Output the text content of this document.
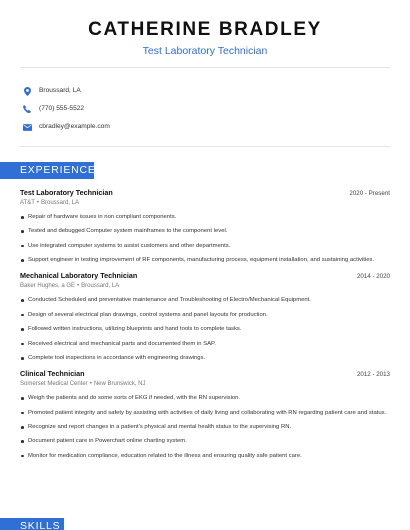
CATHERINE BRADLEY
Test Laboratory Technician
Broussard, LA
(770) 555-5522
cbradley@example.com
EXPERIENCE
Test Laboratory Technician	2020 - Present
AT&T • Broussard, LA
Repair of hardware issues in non compliant components.
Tested and debugged Computer system mainframes to the component level.
Use integrated computer systems to assist customers and other departments.
Support engineer in testing improvement of RF components, manufacturing process, equipment installation, and sustaining activities.
Mechanical Laboratory Technician	2014 - 2020
Baker Hughes, a GE • Broussard, LA
Conducted Scheduled and preventative maintenance and Troubleshooting of Electro/Mechanical Equipment.
Design of several electrical plan drawings, control systems and panel layouts for production.
Followed written instructions, utilizing blueprints and hand tools to complete tasks.
Received electrical and mechanical parts and documented them in SAP.
Complete tool inspections in accordance with engineering drawings.
Clinical Technician	2012 - 2013
Somerset Medical Center • New Brunswick, NJ
Weigh the patients and do some sorts of EKG if needed, with the RN supervision.
Promoted patient integrity and safety by assisting with activities of daily living and collaborating with RN regarding patient care and status.
Recognize and report changes in a patient's physical and mental health status to the supervising RN.
Document patient care in Powerchart online charting system.
Monitor for medication compliance, education related to the illness and ensuring quality safe patient care.
SKILLS
